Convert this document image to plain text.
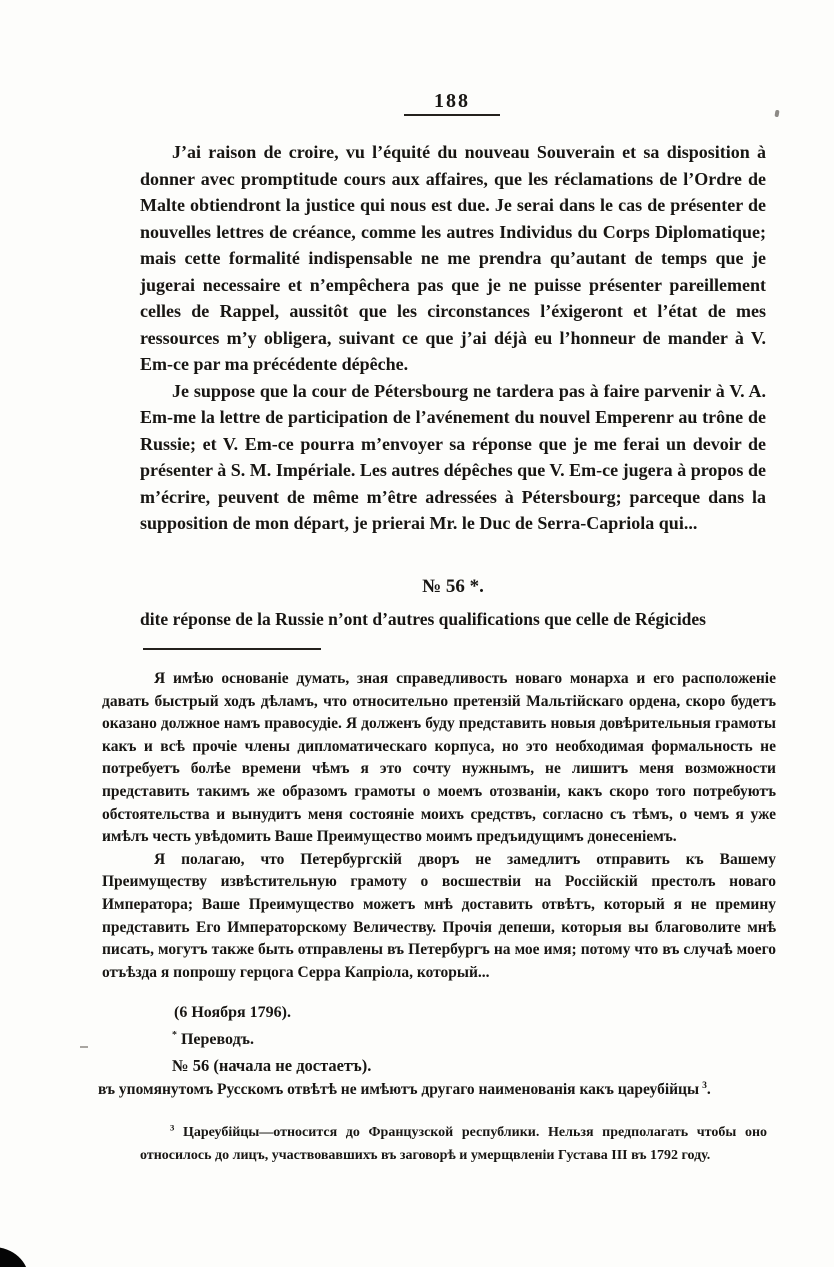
188

J’ai raison de croire, vu l’équité du nouveau Souverain et sa disposition à donner avec promptitude cours aux affaires, que les réclamations de l’Ordre de Malte obtiendront la justice qui nous est due. Je serai dans le cas de présenter de nouvelles lettres de créance, comme les autres Individus du Corps Diplomatique; mais cette formalité indispensable ne me prendra qu’autant de temps que je jugerai necessaire et n’empêchera pas que je ne puisse présenter pareillement celles de Rappel, aussitôt que les circonstances l’éxigeront et l’état de mes ressources m’y obligera, suivant ce que j’ai déjà eu l’honneur de mander à V. Em-ce par ma précédente dépêche.

Je suppose que la cour de Pétersbourg ne tardera pas à faire parvenir à V. A. Em-me la lettre de participation de l’avénement du nouvel Emperenr au trône de Russie; et V. Em-ce pourra m’envoyer sa réponse que je me ferai un devoir de présenter à S. M. Impériale. Les autres dépêches que V. Em-ce jugera à propos de m’écrire, peuvent de même m’être adressées à Pétersbourg; parceque dans la supposition de mon départ, je prierai Mr. le Duc de Serra-Capriola qui...

№ 56 *.
dite réponse de la Russie n’ont d’autres qualifications que celle de Régicides

Я имѣю основаніе думать, зная справедливость новаго монарха и его расположеніе давать быстрый ходъ дѣламъ, что относительно претензій Мальтійскаго ордена, скоро будетъ оказано должное намъ правосудіе. Я долженъ буду представить новыя довѣрительныя грамоты какъ и всѣ прочіе члены дипломатическаго корпуса, но это необходимая формальность не потребуетъ болѣе времени чѣмъ я это сочту нужнымъ, не лишитъ меня возможности представить такимъ же образомъ грамоты о моемъ отозваніи, какъ скоро того потребуютъ обстоятельства и вынудитъ меня состояніе моихъ средствъ, согласно съ тѣмъ, о чемъ я уже имѣлъ честь увѣдомить Ваше Преимущество моимъ предъидущимъ донесеніемъ.

Я полагаю, что Петербургскій дворъ не замедлитъ отправить къ Вашему Преимуществу извѣстительную грамоту о восшествіи на Россійскій престолъ новаго Императора; Ваше Преимущество можетъ мнѣ доставить отвѣтъ, который я не премину представить Его Императорскому Величеству. Прочія депеши, которыя вы благоволите мнѣ писать, могутъ также быть отправлены въ Петербургъ на мое имя; потому что въ случаѣ моего отъѣзда я попрошу герцога Серра Капріола, который...

(6 Ноября 1796).
* Переводъ.
№ 56 (начала не достаетъ).
въ упомянутомъ Русскомъ отвѣтѣ не имѣютъ другаго наименованія какъ цареубійцы $^3$.

$^3$ Цареубійцы—относится до Французской республики. Нельзя предполагать чтобы оно относилось до лицъ, участвовавшихъ въ заговорѣ и умерщвленіи Густава III въ 1792 году.
